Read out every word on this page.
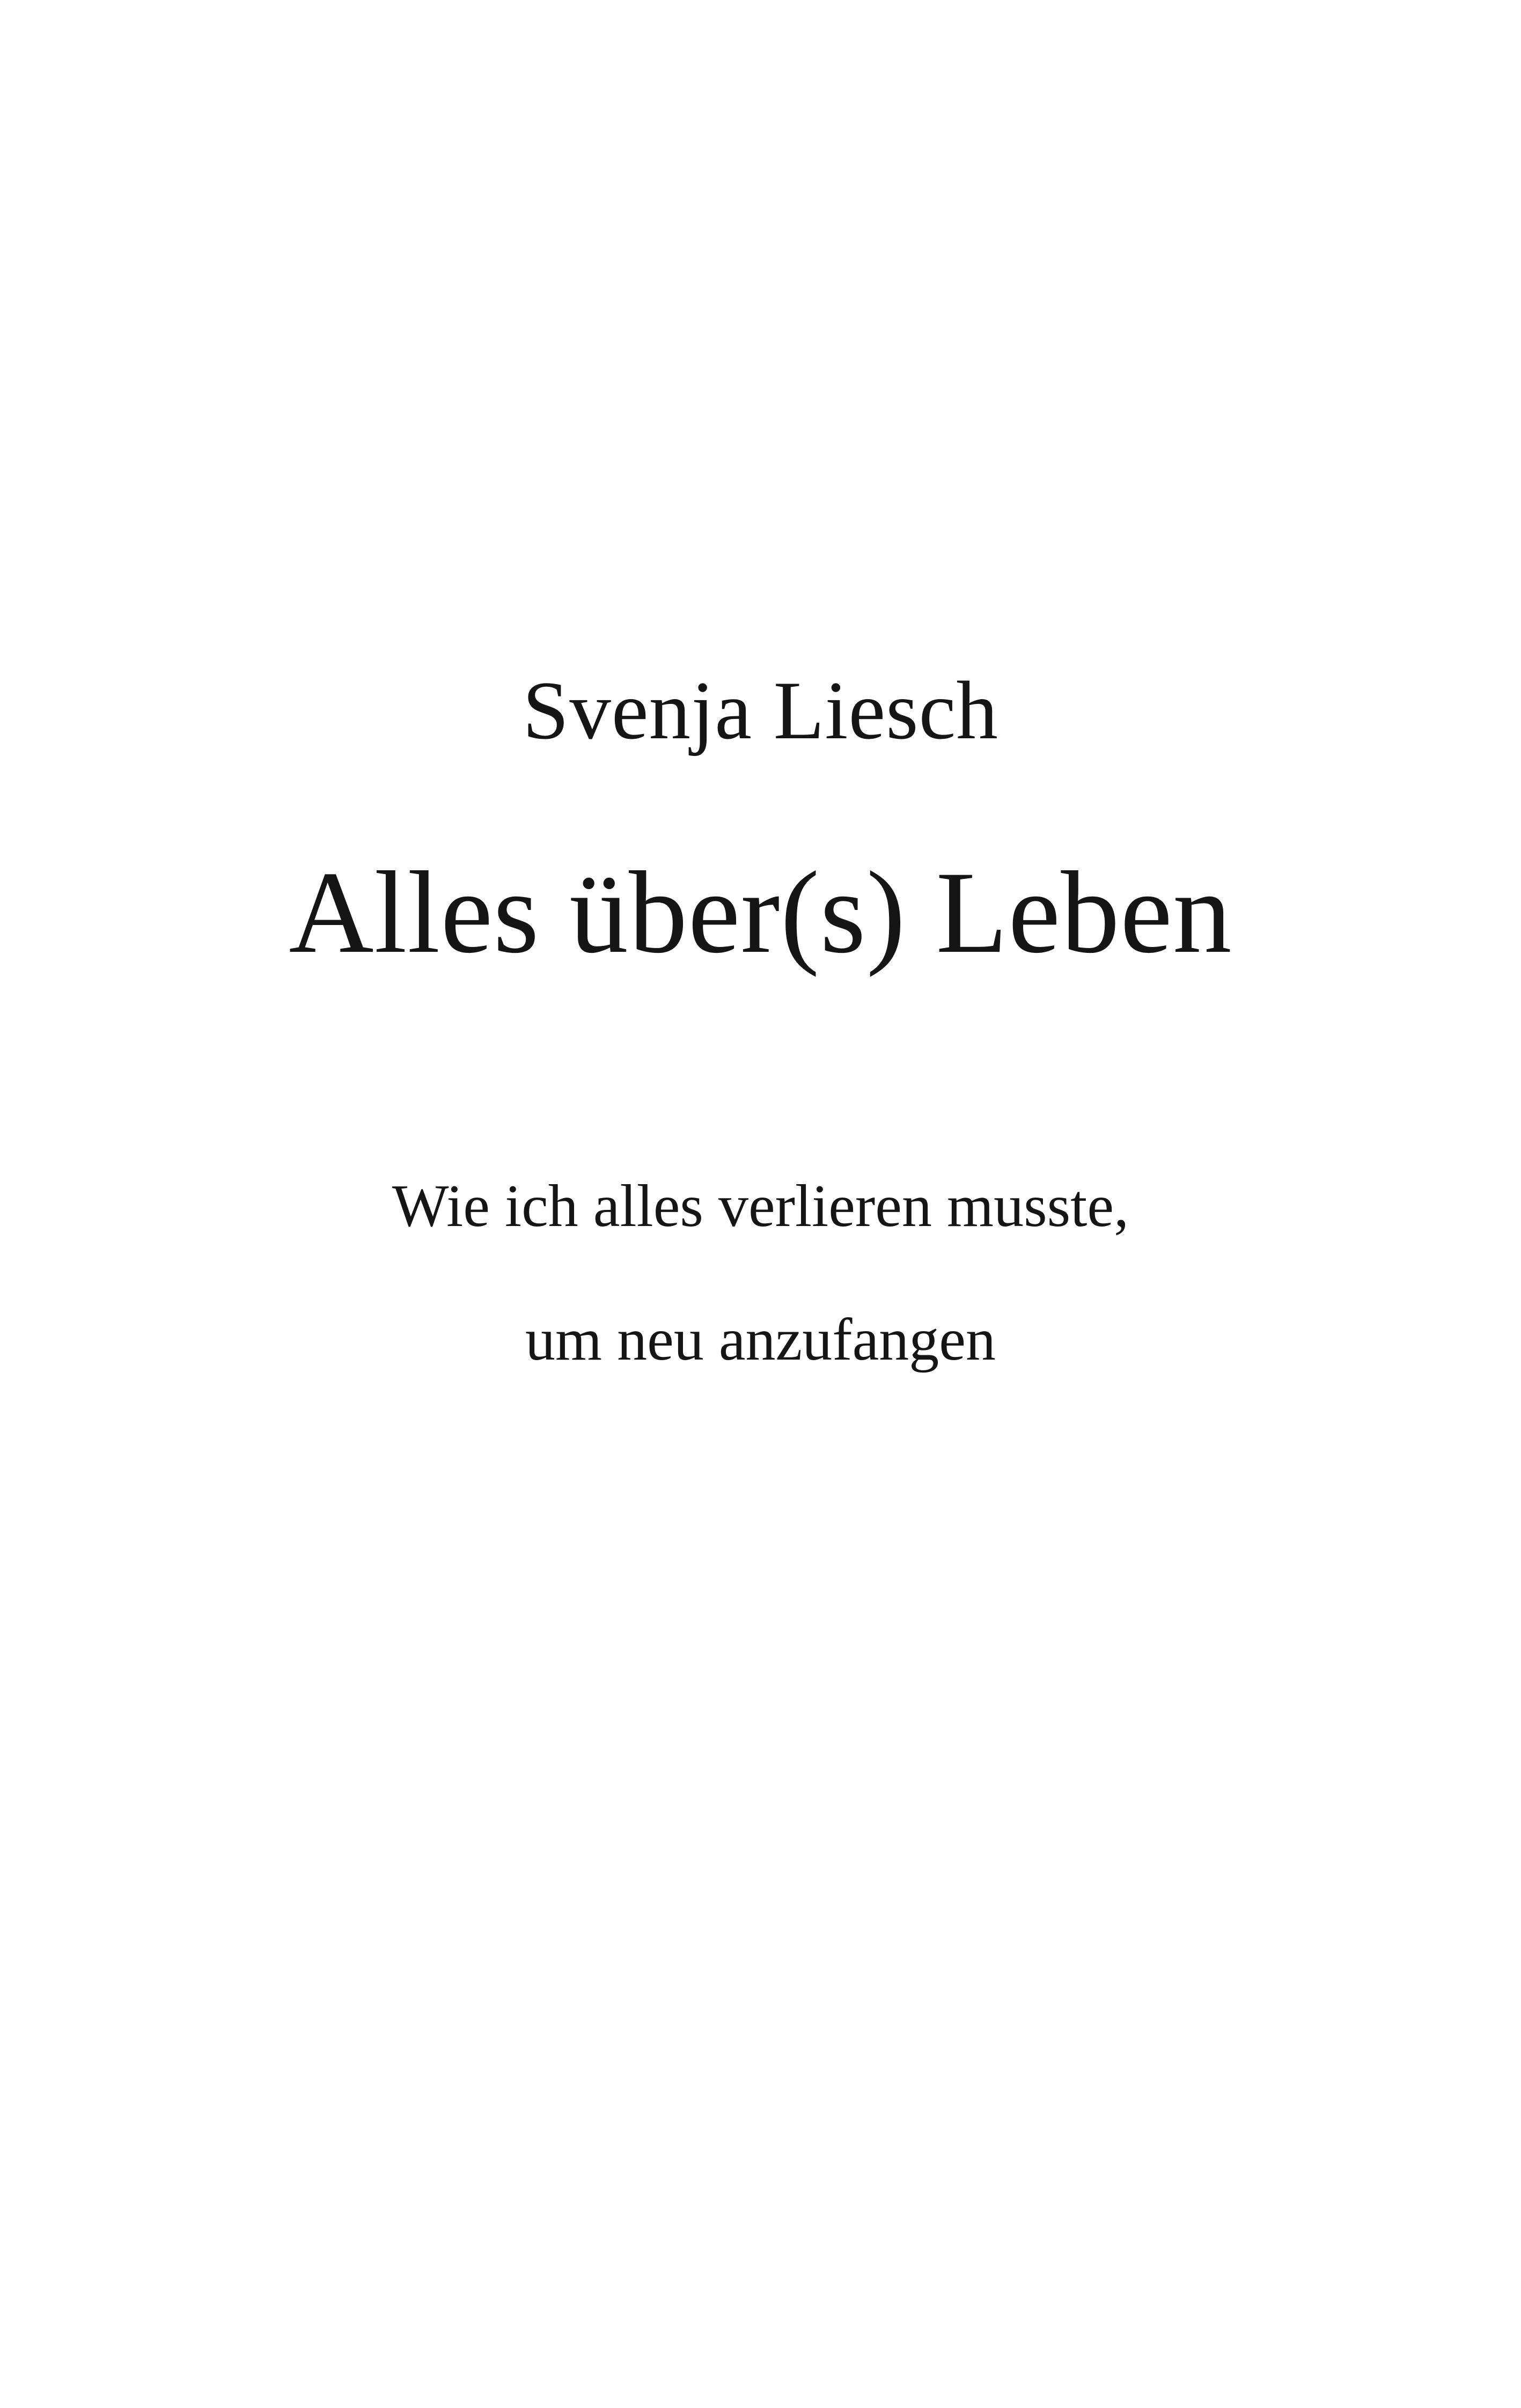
Svenja Liesch
Alles über(s) Leben

Wie ich alles verlieren musste,

um neu anzufangen
